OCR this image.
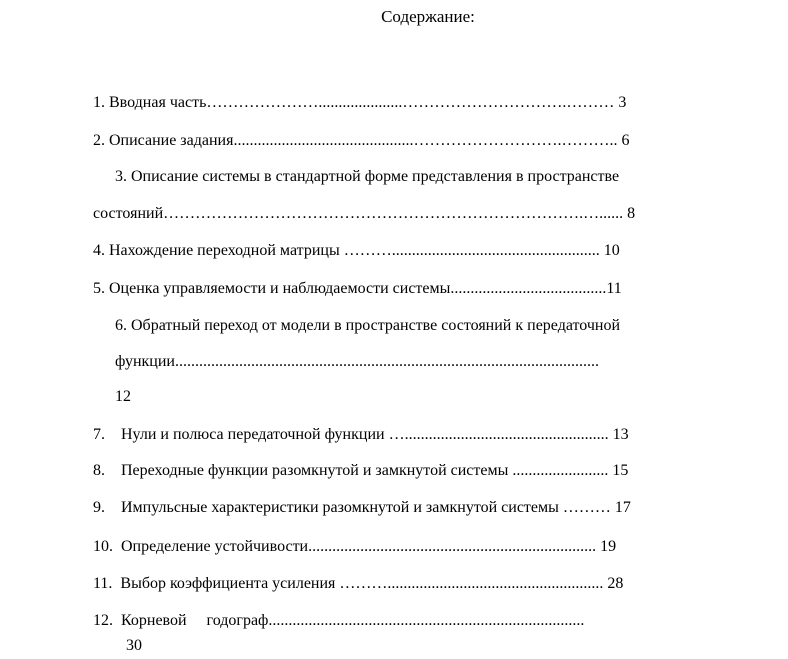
Содержание:
1. Вводная часть………………….....................………………………….……… 3
2. Описание задания.............................................……………………….……….. 6
3. Описание системы в стандартной форме представления в пространстве
состояний…………………………………………………………………….…...... 8
4. Нахождение переходной матрицы ……….................................................... 10
5. Оценка управляемости и наблюдаемости системы.......................................11
6. Обратный переход от модели в пространстве состояний к передаточной
функции..........................................................................................................
12
7.    Нули и полюса передаточной функции …................................................... 13
8.    Переходные функции разомкнутой и замкнутой системы ........................ 15
9.    Импульсные характеристики разомкнутой и замкнутой системы ……… 17
10.  Определение устойчивости........................................................................ 19
11.  Выбор коэффициента усиления ………...................................................... 28
12.  Корневой     годограф...............................................................................
30
